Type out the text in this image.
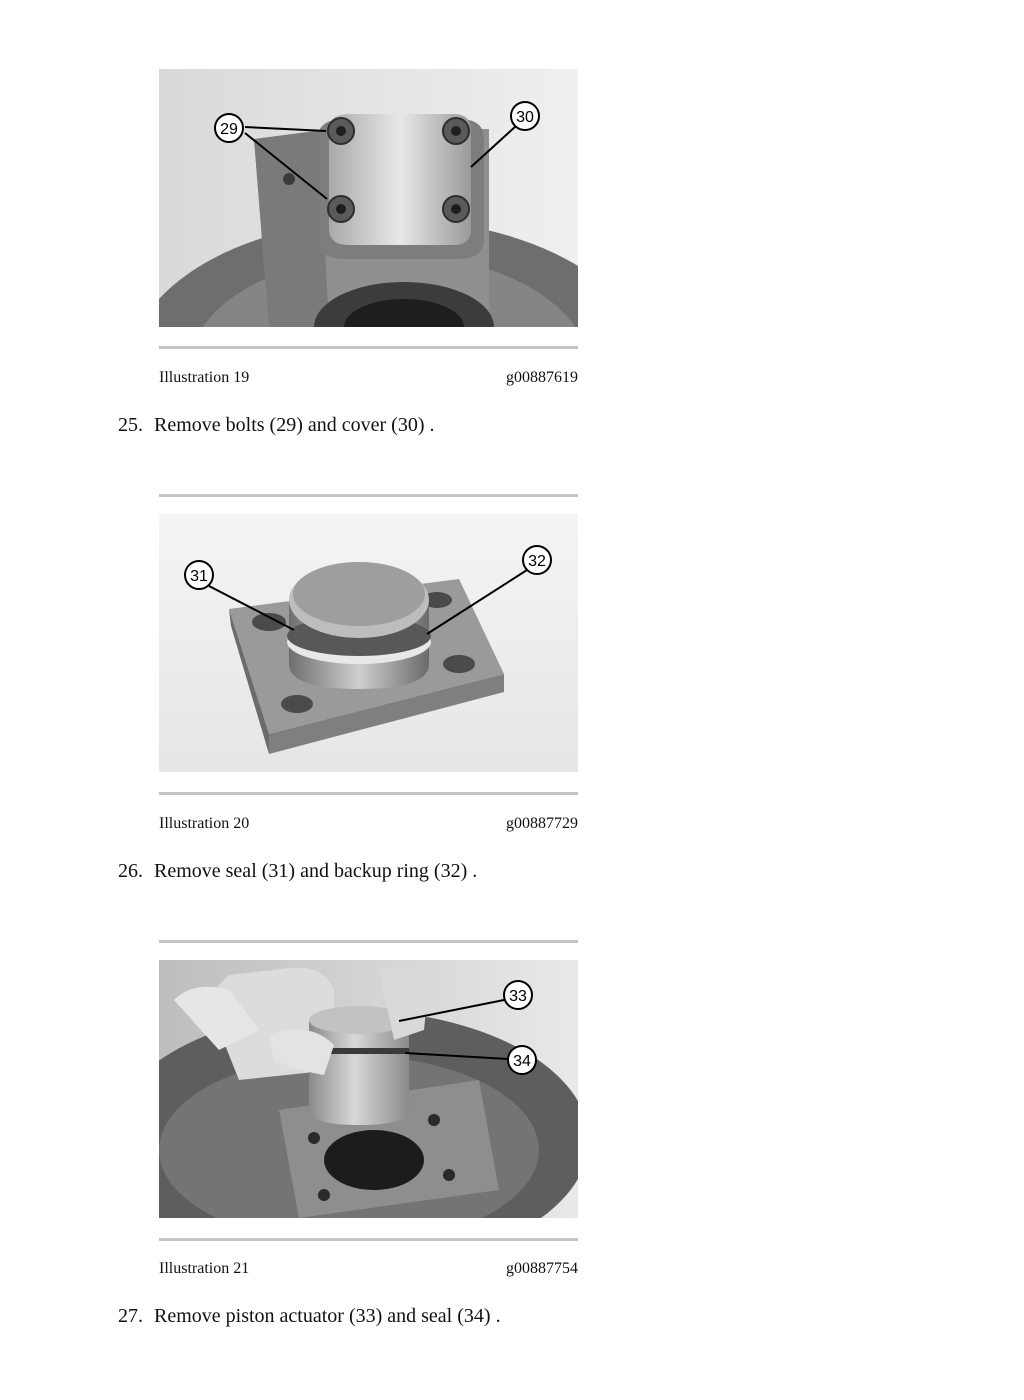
29
30
Illustration 19	g00887619
25. Remove bolts (29) and cover (30) .
31
32
Illustration 20	g00887729
26. Remove seal (31) and backup ring (32) .
33
34
Illustration 21	g00887754
27. Remove piston actuator (33) and seal (34) .
